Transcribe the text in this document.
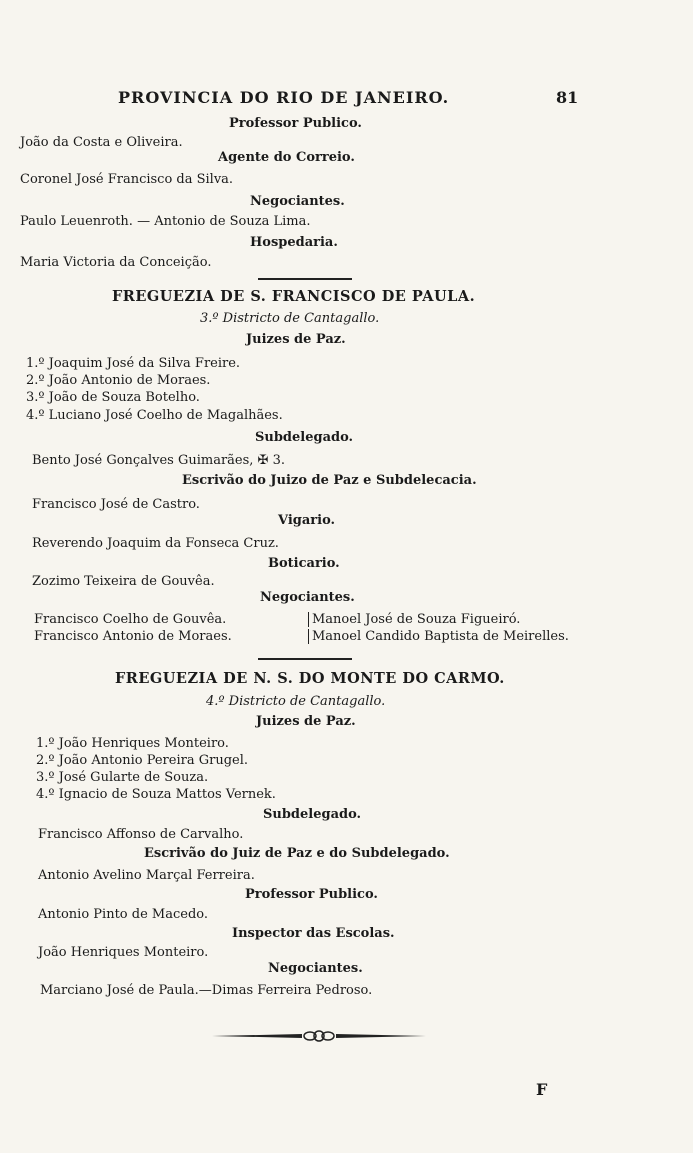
PROVINCIA DO RIO DE JANEIRO.	81
Professor Publico.
João da Costa e Oliveira.
Agente do Correio.
Coronel José Francisco da Silva.
Negociantes.
Paulo Leuenroth. — Antonio de Souza Lima.
Hospedaria.
Maria Victoria da Conceição.
FREGUEZIA DE S. FRANCISCO DE PAULA.
3.º Districto de Cantagallo.
Juizes de Paz.
1.º Joaquim José da Silva Freire.
2.º João Antonio de Moraes.
3.º João de Souza Botelho.
4.º Luciano José Coelho de Magalhães.
Subdelegado.
Bento José Gonçalves Guimarães, ✠ 3.
Escrivão do Juizo de Paz e Subdelecacia.
Francisco José de Castro.
Vigario.
Reverendo Joaquim da Fonseca Cruz.
Boticario.
Zozimo Teixeira de Gouvêa.
Negociantes.
Francisco Coelho de Gouvêa.
Francisco Antonio de Moraes.
Manoel José de Souza Figueiró.
Manoel Candido Baptista de Meirelles.
FREGUEZIA DE N. S. DO MONTE DO CARMO.
4.º Districto de Cantagallo.
Juizes de Paz.
1.º João Henriques Monteiro.
2.º João Antonio Pereira Grugel.
3.º José Gularte de Souza.
4.º Ignacio de Souza Mattos Vernek.
Subdelegado.
Francisco Affonso de Carvalho.
Escrivão do Juiz de Paz e do Subdelegado.
Antonio Avelino Marçal Ferreira.
Professor Publico.
Antonio Pinto de Macedo.
Inspector das Escolas.
João Henriques Monteiro.
Negociantes.
Marciano José de Paula.—Dimas Ferreira Pedroso.
F
